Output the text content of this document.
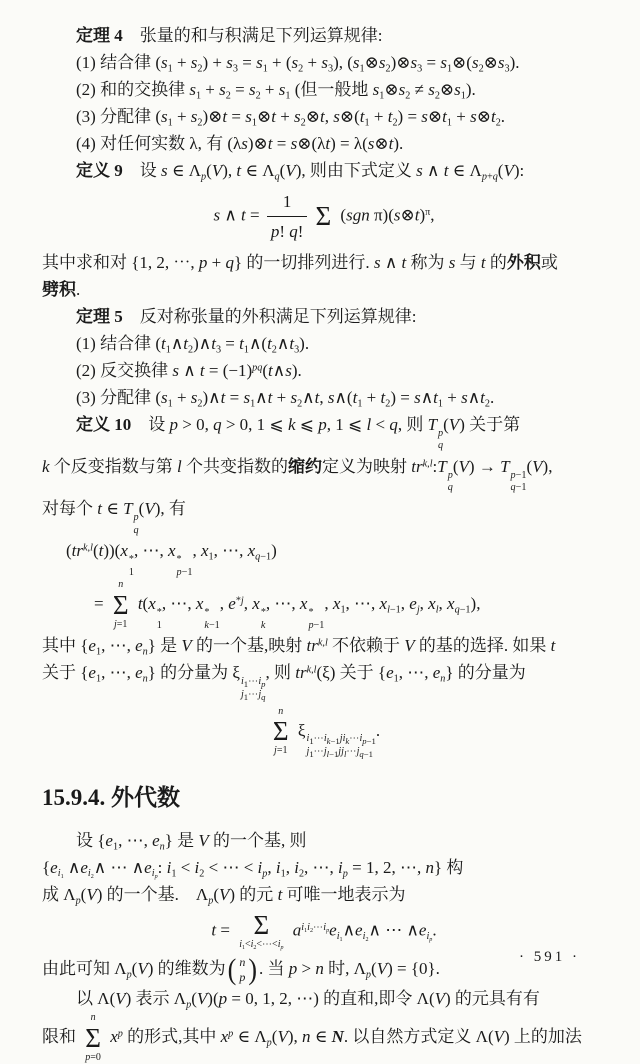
定理 4　张量的和与积满足下列运算规律:
(1) 结合律 $(s_1 + s_2) + s_3 = s_1 + (s_2 + s_3)$, $(s_1\otimes s_2)\otimes s_3$ = $s_1\otimes(s_2\otimes s_3)$.
(2) 和的交换律 $s_1 + s_2 = s_2 + s_1$ (但一般地 $s_1\otimes s_2$ ≠ $s_2\otimes s_1$).
(3) 分配律 ($s_1$ + $s_2)\otimes t$ = $s_1\otimes t$ + $s_2\otimes t$, $s\otimes(t_1 + t_2)$ = $s\otimes t_1$ + $s\otimes t_2$.
(4) 对任何实数 λ, 有 (λs)⊗t = s⊗(λt) = λ(s⊗t).
定义 9　设 s ∈ $\Lambda_p(V)$, t ∈ $\Lambda_q(V)$, 则由下式定义 s ∧ t ∈ $\Lambda_{p+q}(V)$:
s ∧ $t = \frac{1}{p! q!}$ Σ (sgn π)(s⊗t)$^\pi$,
其中求和对 {1, 2, ⋯, p + q} 的一切排列进行. s ∧ t 称为 s 与 t 的外积或
劈积.
定理 5　反对称张量的外积满足下列运算规律:
(1) 结合律 $(t_1\wedge t_2)\wedge t_3$ = $t_1\wedge(t_2\wedge t_3)$.
(2) 反交换律 s ∧ $t = (-1)^{pq}(t\wedge s)$.
(3) 分配律 ($s_1$ + $s_2)\wedge t$ = $s_1\wedge t$ + $s_2\wedge t$, $s\wedge(t_1 + t_2)$ = $s\wedge t_1$ + $s\wedge t_2$.
定义 10　设 p > 0, q > 0, 1 ⩽ k ⩽ p, 1 ⩽ l < q, 则 T p
q
(V) 关于第
k 个反变指数与第 l 个共变指数的缩约定义为映射 tr$^{k,l}$:T p
q
(V) → T p−1
q−1
(V),
对每个 t ∈ T p
q
(V), 有
(tr$^{k,l}$(t))(x *
1
, ⋯, x *
p−1
, $x_1$, ⋯, $x_{q-1}$)
=
n
Σ
j=1
t(x *
1
, ⋯, x *
k−1
, $e^{*j}$, x *
k
, ⋯, x *
p−1
, $x_1$, ⋯, $x_{l-1}$, $e_j$, $x_l$, $x_{q-1}$),
其中 {$e_1$, ⋯, $e_n$} 是 V 的一个基,映射 tr$^{k,l}$ 不依赖于 V 的基的选择. 如果 t
关于 {$e_1$, ⋯, $e_n$} 的分量为 ξ $i_1\cdots i_p$
$j_1\cdots j_q$
, 则 tr$^{k,l}$(ξ) 关于 {$e_1$, ⋯, $e_n$} 的分量为
n
Σ
j=1
ξ $i_1\cdots i_{k-1}ji_k\cdots i_{p-1}$
$j_1\cdots j_{l-1}jj_l\cdots j_{q-1}$
.
15.9.4. 外代数
设 {$e_1$, ⋯, $e_n$} 是 V 的一个基, 则
{$e_{i_1}$ $\wedge e_{i_2}\wedge$ ⋯ $\wedge e_{i_p}$: $i_1 < i_2$ < ⋯ < $i_p$, $i_1$, $i_2$, ⋯, $i_p = 1$, 2, ⋯, n} 构
成 $\Lambda_p(V)$ 的一个基.　$\Lambda_p(V)$ 的元 t 可唯一地表示为
t = Σ
$i_1<i_2<\cdots<i_p$
$a^{i_1i_2\cdots i_p}e_{i_1}\wedge e_{i_2}\wedge$ ⋯ $\wedge e_{i_p}$.
由此可知 $\Lambda_p(V)$ 的维数为 ( n
p ) . 当 p > n 时, $\Lambda_p(V) = \{0\}$.
以 Λ(V) 表示 $\Lambda_p(V)(p = 0$, 1, 2, ⋯) 的直和,即令 Λ(V) 的元具有有
限和
n
Σ
p=0
$x^p$ 的形式,其中 $x^p$ ∈ $\Lambda_p(V)$, n ∈ N. 以自然方式定义 Λ(V) 上的加法
· 591 ·
